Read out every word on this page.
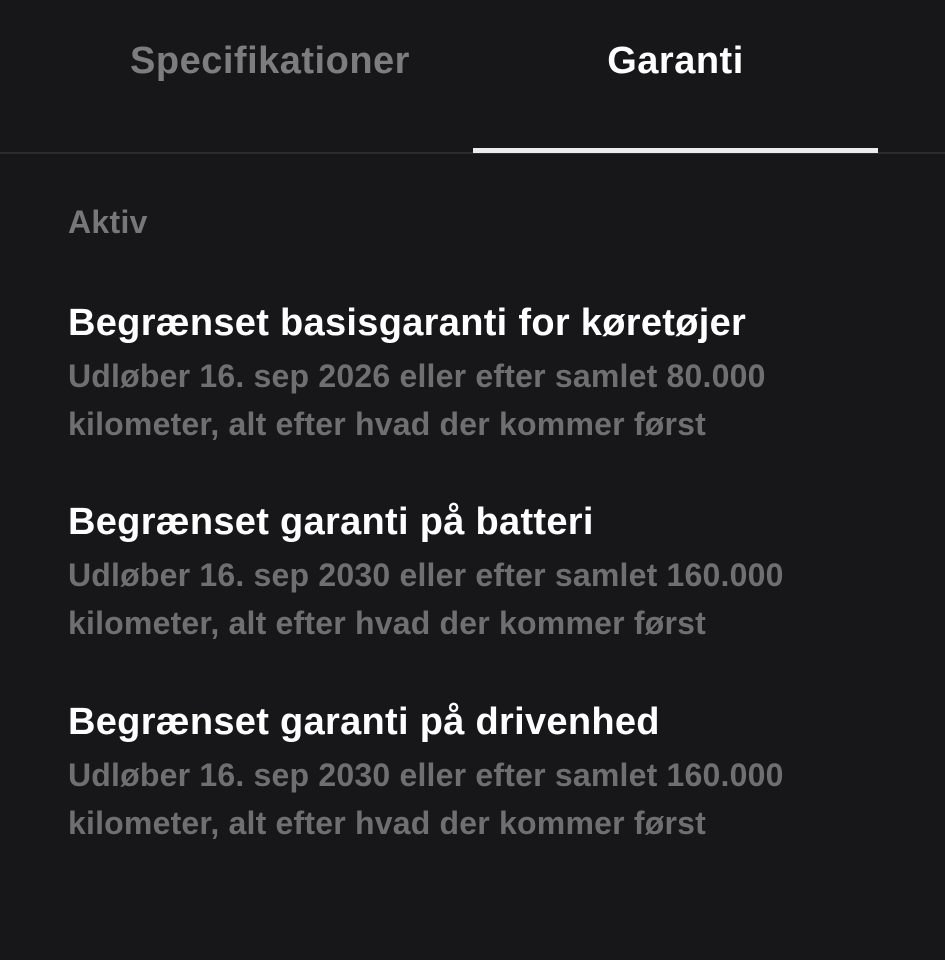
Specifikationer	Garanti
Aktiv
Begrænset basisgaranti for køretøjer
Udløber 16. sep 2026 eller efter samlet 80.000 kilometer, alt efter hvad der kommer først
Begrænset garanti på batteri
Udløber 16. sep 2030 eller efter samlet 160.000 kilometer, alt efter hvad der kommer først
Begrænset garanti på drivenhed
Udløber 16. sep 2030 eller efter samlet 160.000 kilometer, alt efter hvad der kommer først
